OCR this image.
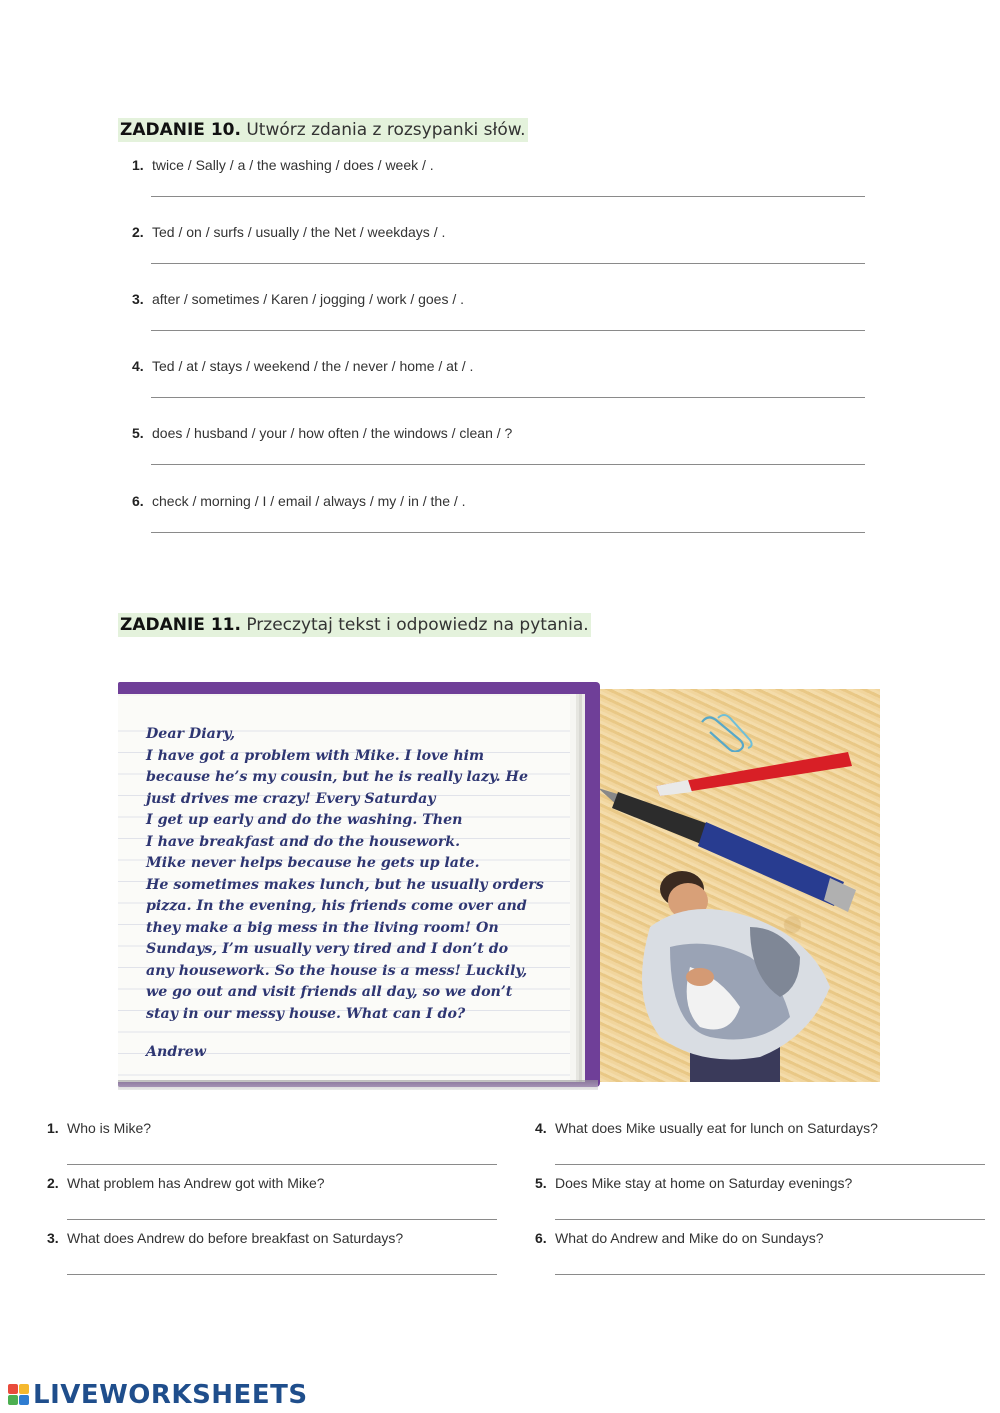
ZADANIE 10. Utwórz zdania z rozsypanki słów.
1. twice / Sally / a / the washing / does / week / .
2. Ted / on / surfs / usually / the Net / weekdays / .
3. after / sometimes / Karen / jogging / work / goes / .
4. Ted / at / stays / weekend / the / never / home / at / .
5. does / husband / your / how often / the windows / clean / ?
6. check / morning / I / email / always / my / in / the / .
ZADANIE 11. Przeczytaj tekst i odpowiedz na pytania.
Dear Diary,
I have got a problem with Mike. I love him
because he’s my cousin, but he is really lazy. He
just drives me crazy! Every Saturday
I get up early and do the washing. Then
I have breakfast and do the housework.
Mike never helps because he gets up late.
He sometimes makes lunch, but he usually orders
pizza. In the evening, his friends come over and
they make a big mess in the living room! On
Sundays, I’m usually very tired and I don’t do
any housework. So the house is a mess! Luckily,
we go out and visit friends all day, so we don’t
stay in our messy house. What can I do?
Andrew
1. Who is Mike?
2. What problem has Andrew got with Mike?
3. What does Andrew do before breakfast on Saturdays?
4. What does Mike usually eat for lunch on Saturdays?
5. Does Mike stay at home on Saturday evenings?
6. What do Andrew and Mike do on Sundays?
LIVEWORKSHEETS
